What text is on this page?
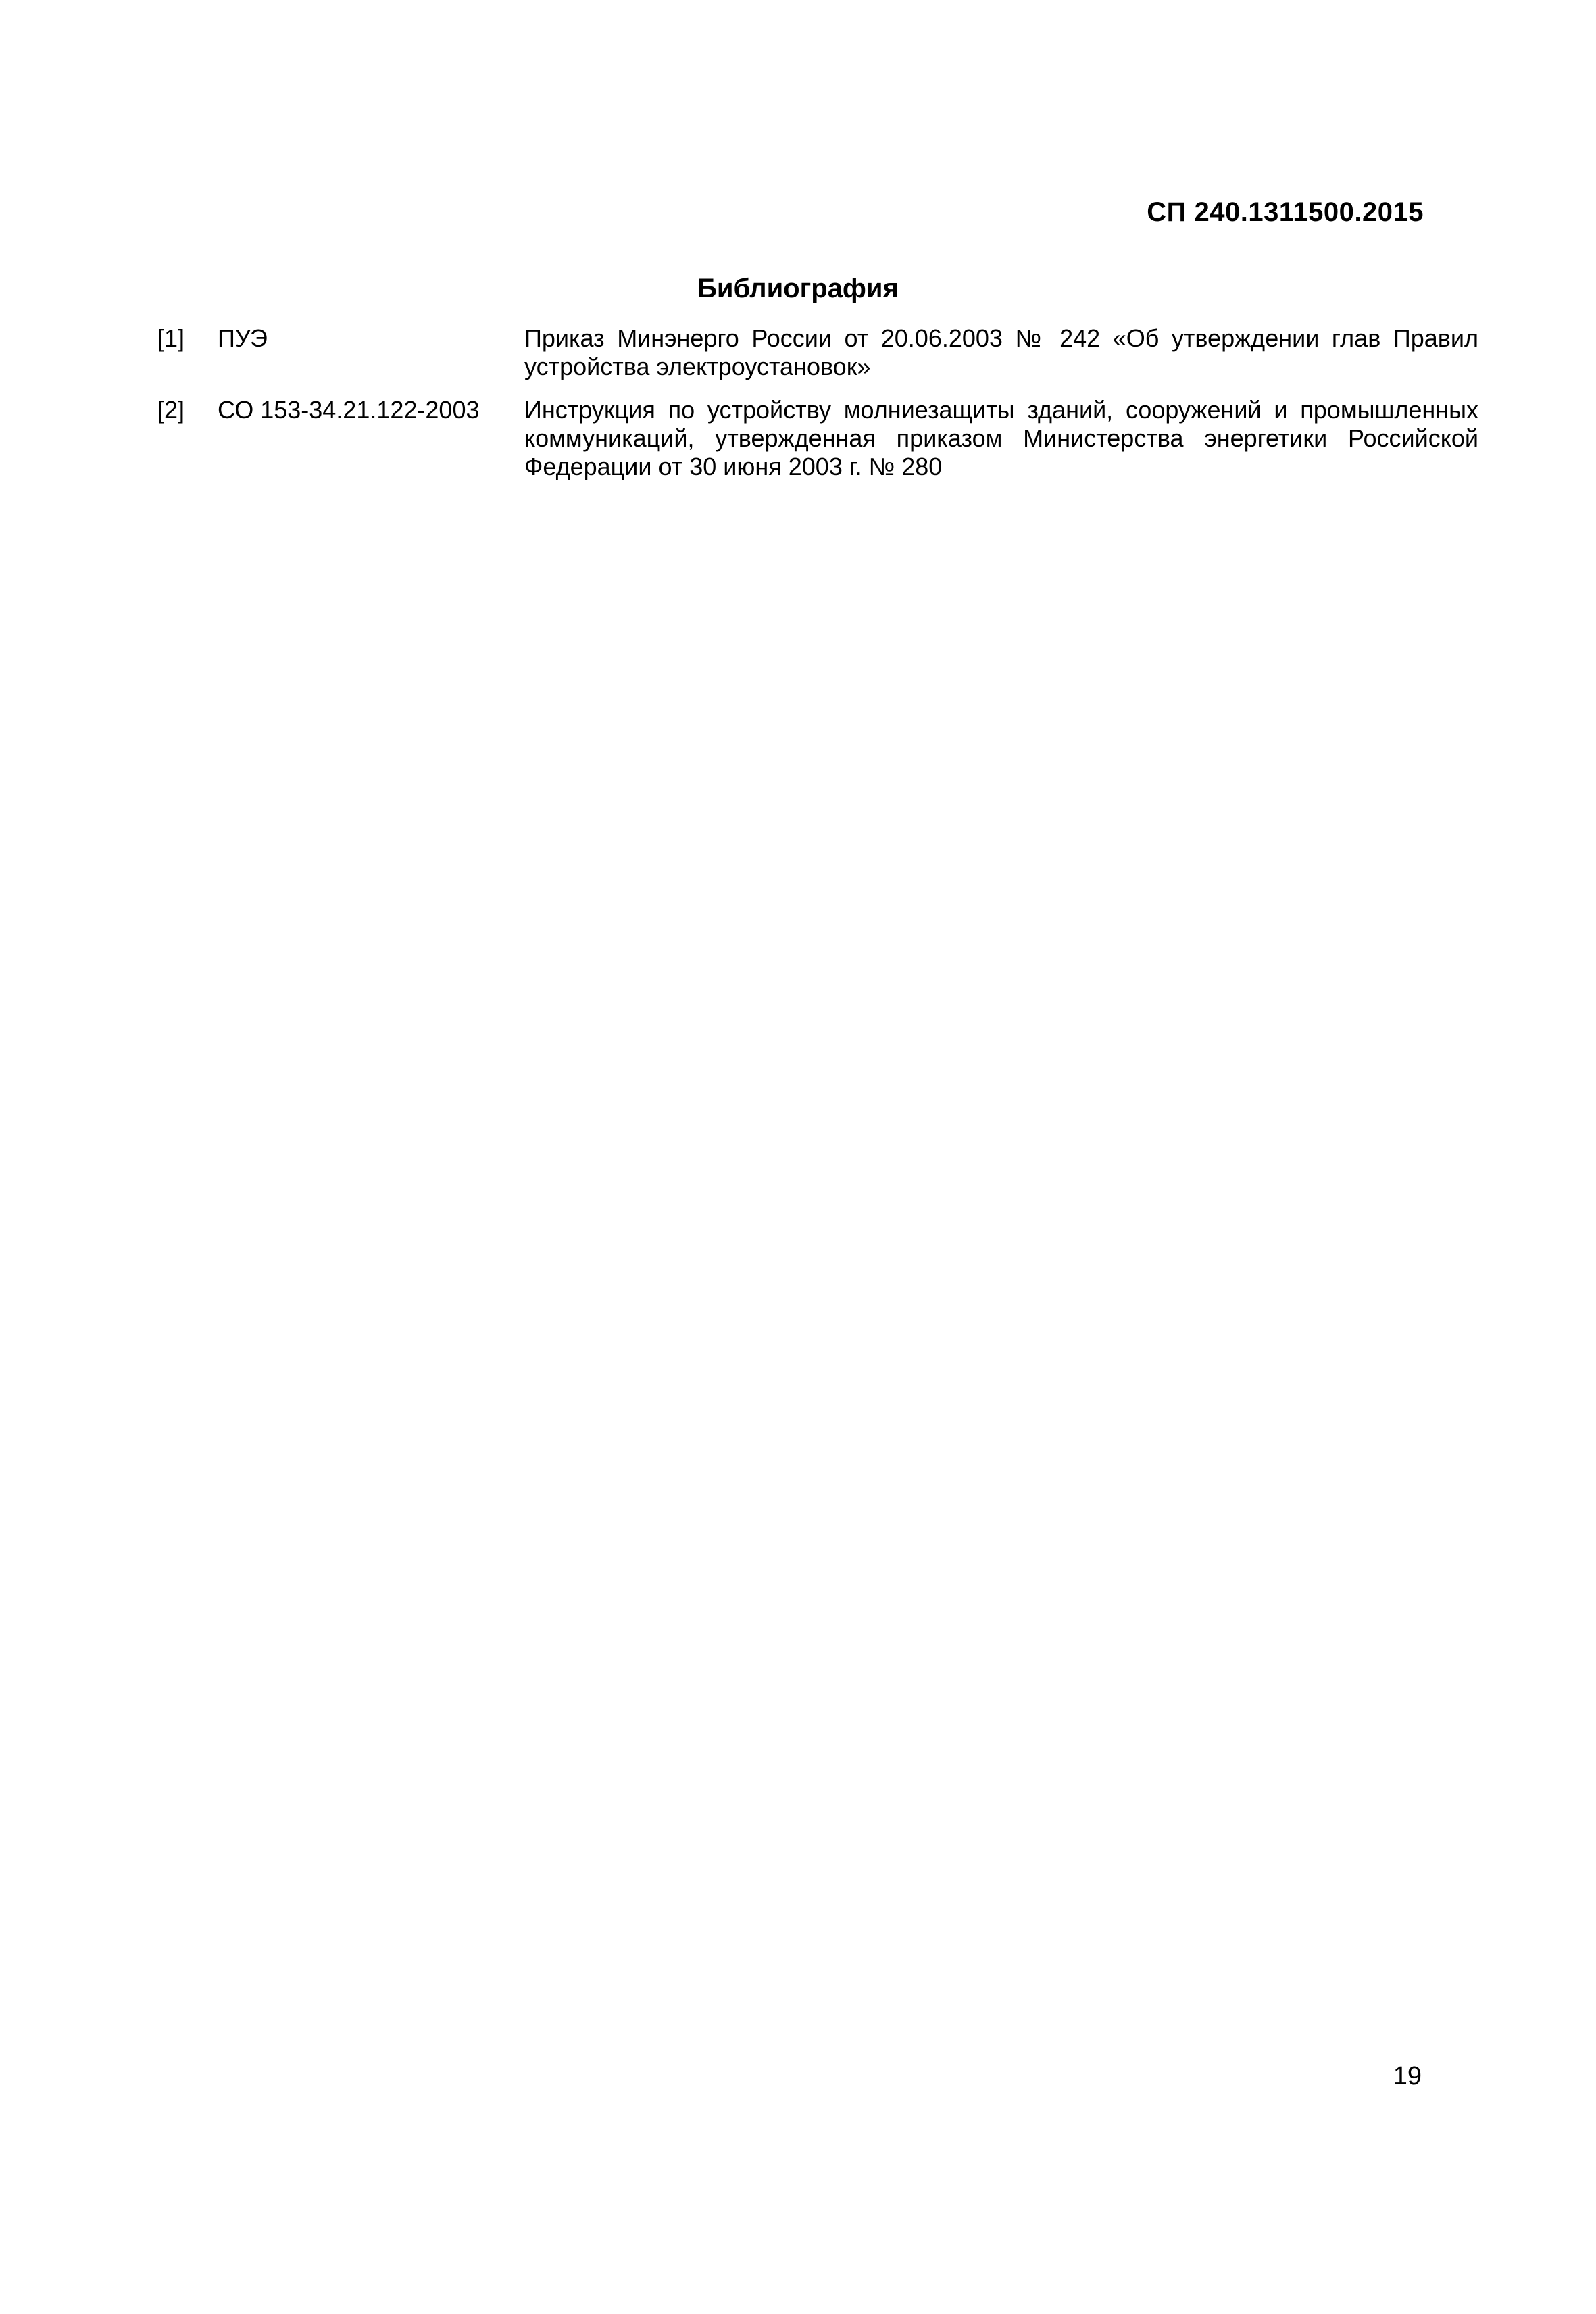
СП 240.1311500.2015
Библиография
[1] ПУЭ	Приказ Минэнерго России от 20.06.2003 № 242 «Об утверждении глав Правил устройства электроустановок»
[2] СО 153-34.21.122-2003 Инструкция по устройству молниезащиты зданий, сооружений и промышленных коммуникаций, утвержденная приказом Министерства энергетики Российской Федерации от 30 июня 2003 г. № 280
19
